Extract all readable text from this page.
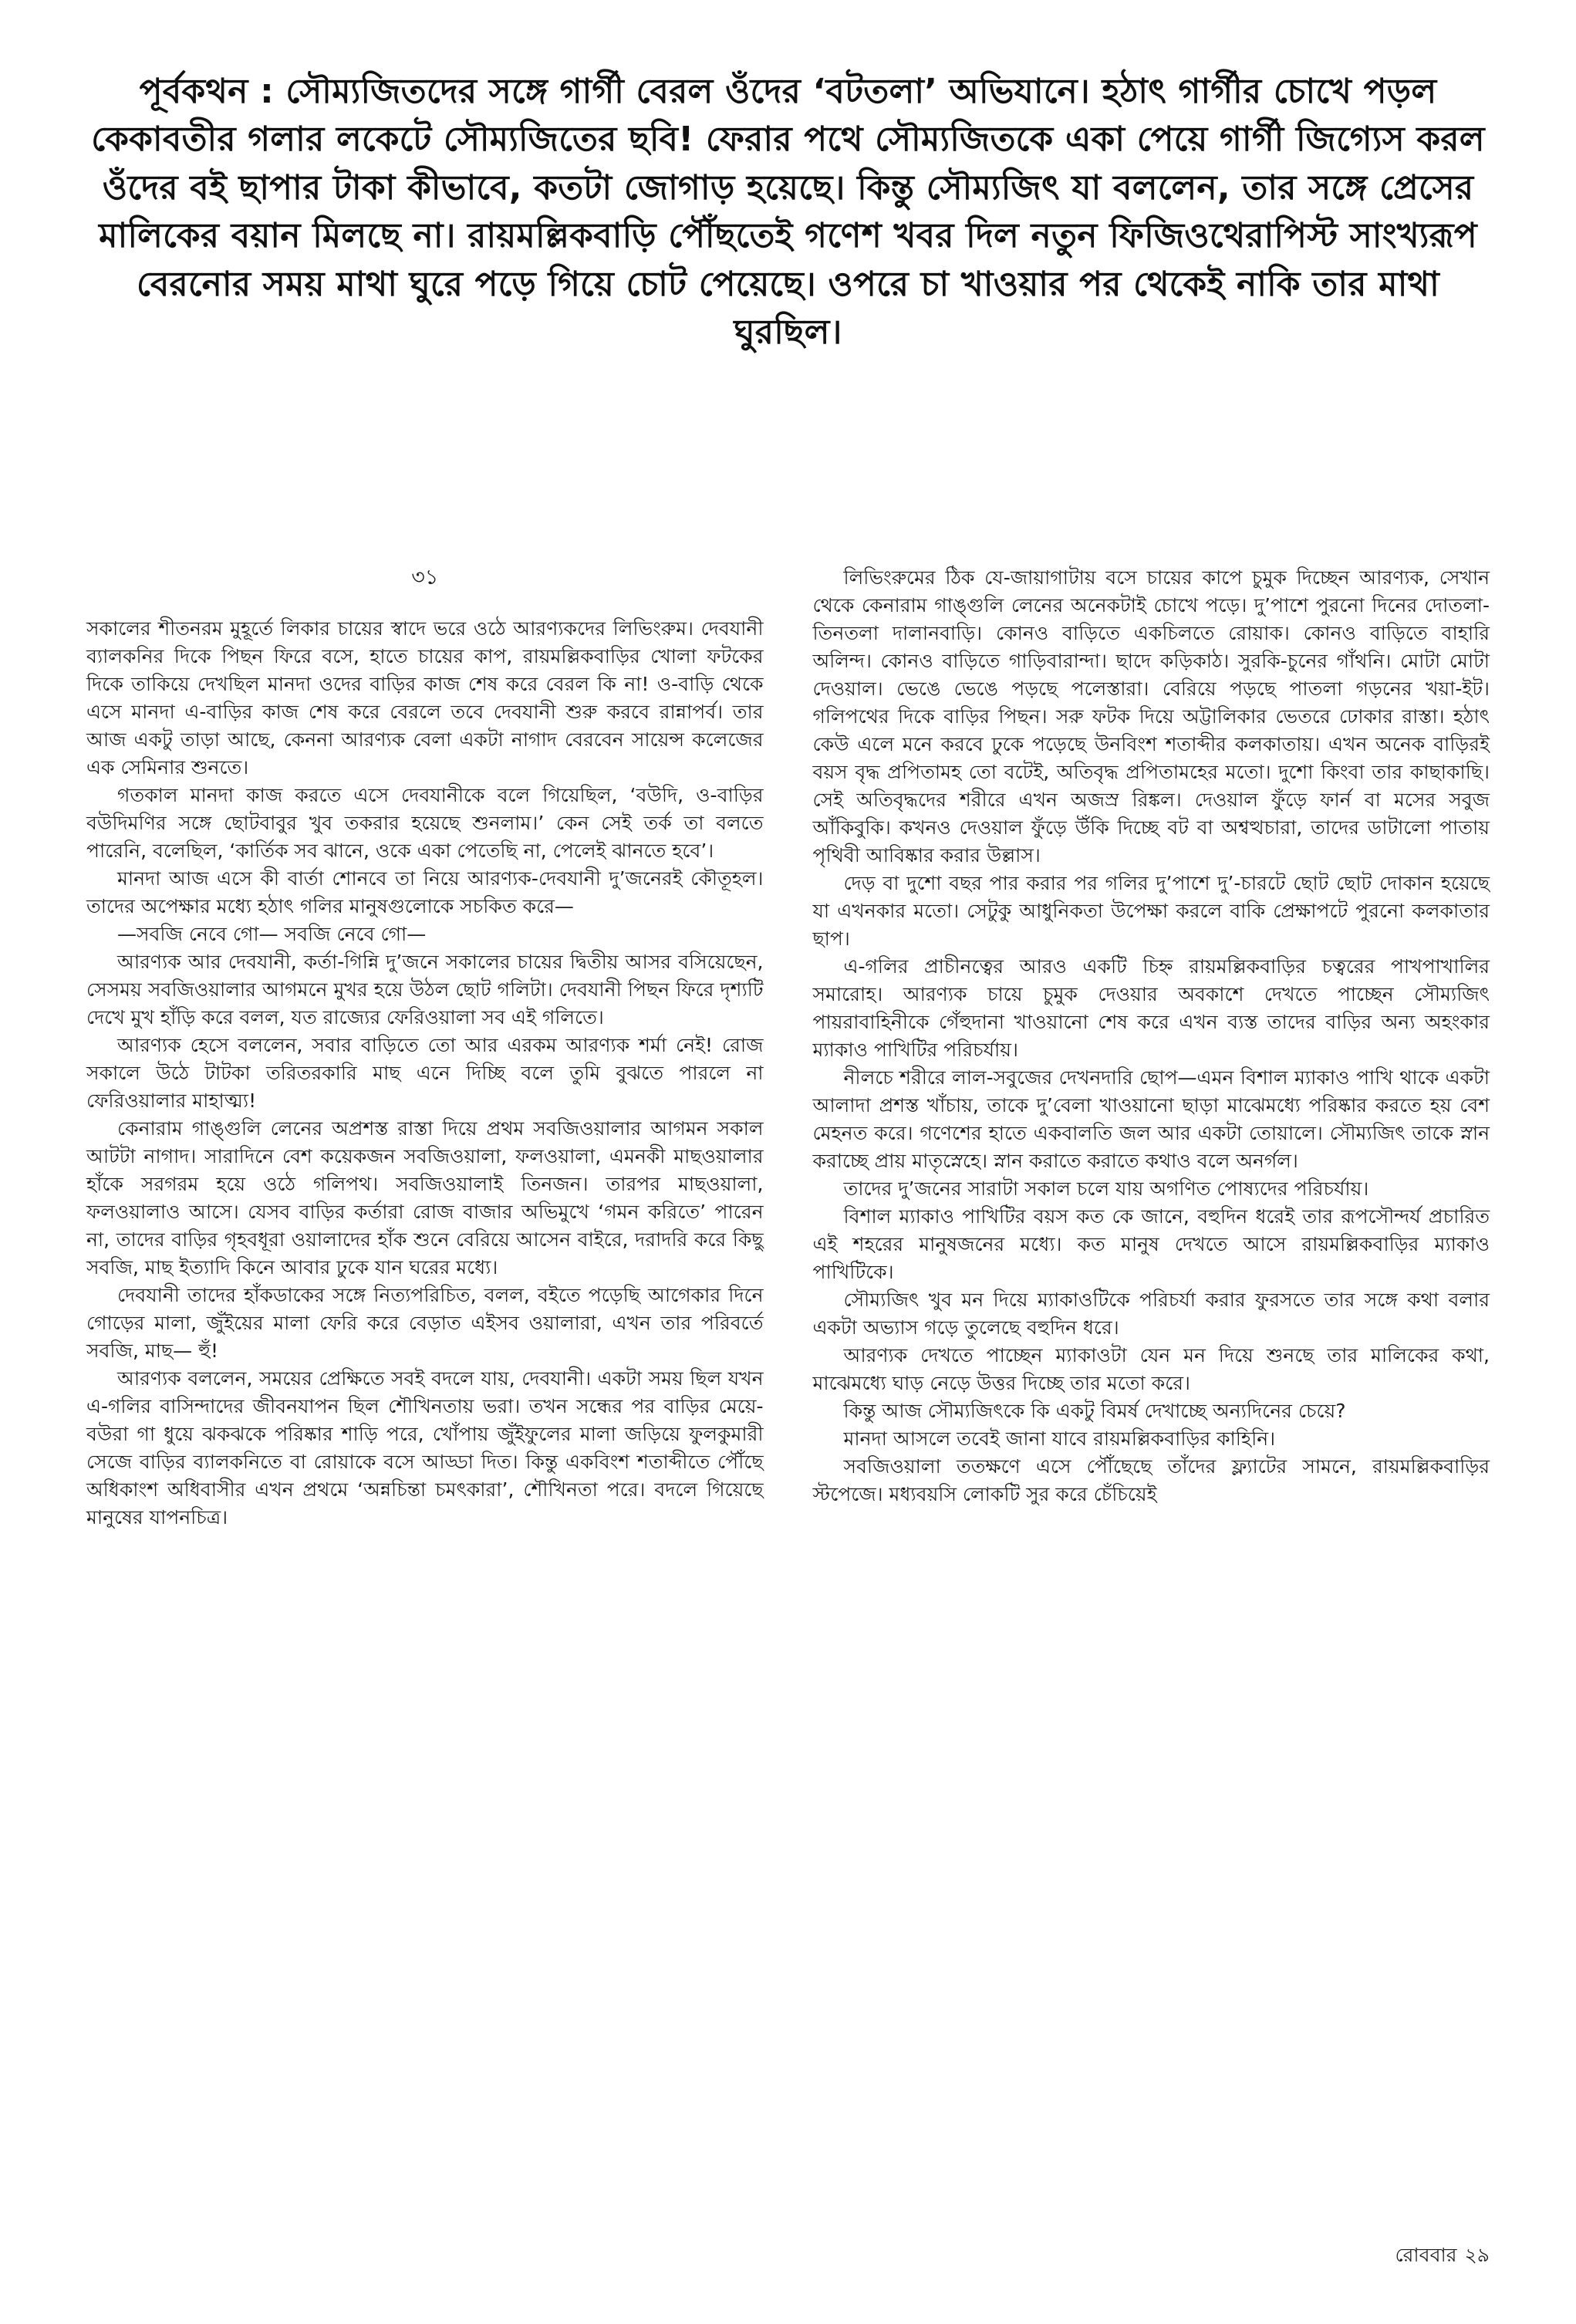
পূর্বকথন : সৌম্যজিতদের সঙ্গে গার্গী বেরল ওঁদের ‘বটতলা’ অভিযানে। হঠাৎ গার্গীর চোখে পড়ল কেকাবতীর গলার লকেটে সৌম্যজিতের ছবি! ফেরার পথে সৌম্যজিতকে একা পেয়ে গার্গী জিগ্যেস করল ওঁদের বই ছাপার টাকা কীভাবে, কতটা জোগাড় হয়েছে। কিন্তু সৌম্যজিৎ যা বললেন, তার সঙ্গে প্রেসের মালিকের বয়ান মিলছে না। রায়মল্লিকবাড়ি পৌঁছতেই গণেশ খবর দিল নতুন ফিজিওথেরাপিস্ট সাংখ্যরূপ বেরনোর সময় মাথা ঘুরে পড়ে গিয়ে চোট পেয়েছে। ওপরে চা খাওয়ার পর থেকেই নাকি তার মাথা ঘুরছিল।
৩১

সকালের শীতনরম মুহূর্তে লিকার চায়ের স্বাদে ভরে ওঠে আরণ্যকদের লিভিংরুম। দেবযানী ব্যালকনির দিকে পিছন ফিরে বসে, হাতে চায়ের কাপ, রায়মল্লিকবাড়ির খোলা ফটকের দিকে তাকিয়ে দেখছিল মানদা ওদের বাড়ির কাজ শেষ করে বেরল কি না! ও-বাড়ি থেকে এসে মানদা এ-বাড়ির কাজ শেষ করে বেরলে তবে দেবযানী শুরু করবে রান্নাপর্ব। তার আজ একটু তাড়া আছে, কেননা আরণ্যক বেলা একটা নাগাদ বেরবেন সায়েন্স কলেজের এক সেমিনার শুনতে।

গতকাল মানদা কাজ করতে এসে দেবযানীকে বলে গিয়েছিল, ‘বউদি, ও-বাড়ির বউদিমণির সঙ্গে ছোটবাবুর খুব তকরার হয়েছে শুনলাম।’ কেন সেই তর্ক তা বলতে পারেনি, বলেছিল, ‘কার্তিক সব ঝানে, ওকে একা পেতেছি না, পেলেই ঝানতে হবে’।

মানদা আজ এসে কী বার্তা শোনবে তা নিয়ে আরণ্যক-দেবযানী দু’জনেরই কৌতূহল। তাদের অপেক্ষার মধ্যে হঠাৎ গলির মানুষগুলোকে সচকিত করে—

—সবজি নেবে গো— সবজি নেবে গো—

আরণ্যক আর দেবযানী, কর্তা-গিন্নি দু’জনে সকালের চায়ের দ্বিতীয় আসর বসিয়েছেন, সেসময় সবজিওয়ালার আগমনে মুখর হয়ে উঠল ছোট গলিটা। দেবযানী পিছন ফিরে দৃশ্যটি দেখে মুখ হাঁড়ি করে বলল, যত রাজ্যের ফেরিওয়ালা সব এই গলিতে।

আরণ্যক হেসে বললেন, সবার বাড়িতে তো আর এরকম আরণ্যক শর্মা নেই! রোজ সকালে উঠে টাটকা তরিতরকারি মাছ এনে দিচ্ছি বলে তুমি বুঝতে পারলে না ফেরিওয়ালার মাহাত্ম্য!

কেনারাম গাঙ্গুলি লেনের অপ্রশস্ত রাস্তা দিয়ে প্রথম সবজিওয়ালার আগমন সকাল আটটা নাগাদ। সারাদিনে বেশ কয়েকজন সবজিওয়ালা, ফলওয়ালা, এমনকী মাছওয়ালার হাঁকে সরগরম হয়ে ওঠে গলিপথ। সবজিওয়ালাই তিনজন। তারপর মাছওয়ালা, ফলওয়ালাও আসে। যেসব বাড়ির কর্তারা রোজ বাজার অভিমুখে ‘গমন করিতে’ পারেন না, তাদের বাড়ির গৃহবধূরা ওয়ালাদের হাঁক শুনে বেরিয়ে আসেন বাইরে, দরাদরি করে কিছু সবজি, মাছ ইত্যাদি কিনে আবার ঢুকে যান ঘরের মধ্যে।

দেবযানী তাদের হাঁকডাকের সঙ্গে নিত্যপরিচিত, বলল, বইতে পড়েছি আগেকার দিনে গোড়ের মালা, জুঁইয়ের মালা ফেরি করে বেড়াত এইসব ওয়ালারা, এখন তার পরিবর্তে সবজি, মাছ— হুঁ!

আরণ্যক বললেন, সময়ের প্রেক্ষিতে সবই বদলে যায়, দেবযানী। একটা সময় ছিল যখন এ-গলির বাসিন্দাদের জীবনযাপন ছিল শৌখিনতায় ভরা। তখন সন্ধের পর বাড়ির মেয়ে-বউরা গা ধুয়ে ঝকঝকে পরিষ্কার শাড়ি পরে, খোঁপায় জুঁইফুলের মালা জড়িয়ে ফুলকুমারী সেজে বাড়ির ব্যালকনিতে বা রোয়াকে বসে আড্ডা দিত। কিন্তু একবিংশ শতাব্দীতে পৌঁছে অধিকাংশ অধিবাসীর এখন প্রথমে ‘অন্নচিন্তা চমৎকারা’, শৌখিনতা পরে। বদলে গিয়েছে মানুষের যাপনচিত্র।

লিভিংরুমের ঠিক যে-জায়াগাটায় বসে চায়ের কাপে চুমুক দিচ্ছেন আরণ্যক, সেখান থেকে কেনারাম গাঙ্গুলি লেনের অনেকটাই চোখে পড়ে। দু’পাশে পুরনো দিনের দোতলা-তিনতলা দালানবাড়ি। কোনও বাড়িতে একচিলতে রোয়াক। কোনও বাড়িতে বাহারি অলিন্দ। কোনও বাড়িতে গাড়িবারান্দা। ছাদে কড়িকাঠ। সুরকি-চুনের গাঁথনি। মোটা মোটা দেওয়াল। ভেঙে ভেঙে পড়ছে পলেস্তারা। বেরিয়ে পড়ছে পাতলা গড়নের খয়া-ইট। গলিপথের দিকে বাড়ির পিছন। সরু ফটক দিয়ে অট্টালিকার ভেতরে ঢোকার রাস্তা। হঠাৎ কেউ এলে মনে করবে ঢুকে পড়েছে উনবিংশ শতাব্দীর কলকাতায়। এখন অনেক বাড়িরই বয়স বৃদ্ধ প্রপিতামহ তো বটেই, অতিবৃদ্ধ প্রপিতামহের মতো। দুশো কিংবা তার কাছাকাছি। সেই অতিবৃদ্ধদের শরীরে এখন অজস্র রিঙ্কল। দেওয়াল ফুঁড়ে ফার্ন বা মসের সবুজ আঁকিবুকি। কখনও দেওয়াল ফুঁড়ে উঁকি দিচ্ছে বট বা অশ্বত্থচারা, তাদের ডাটালো পাতায় পৃথিবী আবিষ্কার করার উল্লাস।

দেড় বা দুশো বছর পার করার পর গলির দু’পাশে দু’-চারটে ছোট ছোট দোকান হয়েছে যা এখনকার মতো। সেটুকু আধুনিকতা উপেক্ষা করলে বাকি প্রেক্ষাপটে পুরনো কলকাতার ছাপ।

এ-গলির প্রাচীনত্বের আরও একটি চিহ্ন রায়মল্লিকবাড়ির চত্বরের পাখপাখালির সমারোহ। আরণ্যক চায়ে চুমুক দেওয়ার অবকাশে দেখতে পাচ্ছেন সৌম্যজিৎ পায়রাবাহিনীকে গেঁহুদানা খাওয়ানো শেষ করে এখন ব্যস্ত তাদের বাড়ির অন্য অহংকার ম্যাকাও পাখিটির পরিচর্যায়।

নীলচে শরীরে লাল-সবুজের দেখনদারি ছোপ—এমন বিশাল ম্যাকাও পাখি থাকে একটা আলাদা প্রশস্ত খাঁচায়, তাকে দু’বেলা খাওয়ানো ছাড়া মাঝেমধ্যে পরিষ্কার করতে হয় বেশ মেহনত করে। গণেশের হাতে একবালতি জল আর একটা তোয়ালে। সৌম্যজিৎ তাকে স্নান করাচ্ছে প্রায় মাতৃস্নেহে। স্নান করাতে করাতে কথাও বলে অনর্গল।

তাদের দু’জনের সারাটা সকাল চলে যায় অগণিত পোষ্যদের পরিচর্যায়।

বিশাল ম্যাকাও পাখিটির বয়স কত কে জানে, বহুদিন ধরেই তার রূপসৌন্দর্য প্রচারিত এই শহরের মানুষজনের মধ্যে। কত মানুষ দেখতে আসে রায়মল্লিকবাড়ির ম্যাকাও পাখিটিকে।

সৌম্যজিৎ খুব মন দিয়ে ম্যাকাওটিকে পরিচর্যা করার ফুরসতে তার সঙ্গে কথা বলার একটা অভ্যাস গড়ে তুলেছে বহুদিন ধরে।

আরণ্যক দেখতে পাচ্ছেন ম্যাকাওটা যেন মন দিয়ে শুনছে তার মালিকের কথা, মাঝেমধ্যে ঘাড় নেড়ে উত্তর দিচ্ছে তার মতো করে।

কিন্তু আজ সৌম্যজিৎকে কি একটু বিমর্ষ দেখাচ্ছে অন্যদিনের চেয়ে?

মানদা আসলে তবেই জানা যাবে রায়মল্লিকবাড়ির কাহিনি।

সবজিওয়ালা ততক্ষণে এসে পৌঁছেছে তাঁদের ফ্ল্যাটের সামনে, রায়মল্লিকবাড়ির স্টপেজে। মধ্যবয়সি লোকটি সুর করে চেঁচিয়েই

রোববার ২৯
